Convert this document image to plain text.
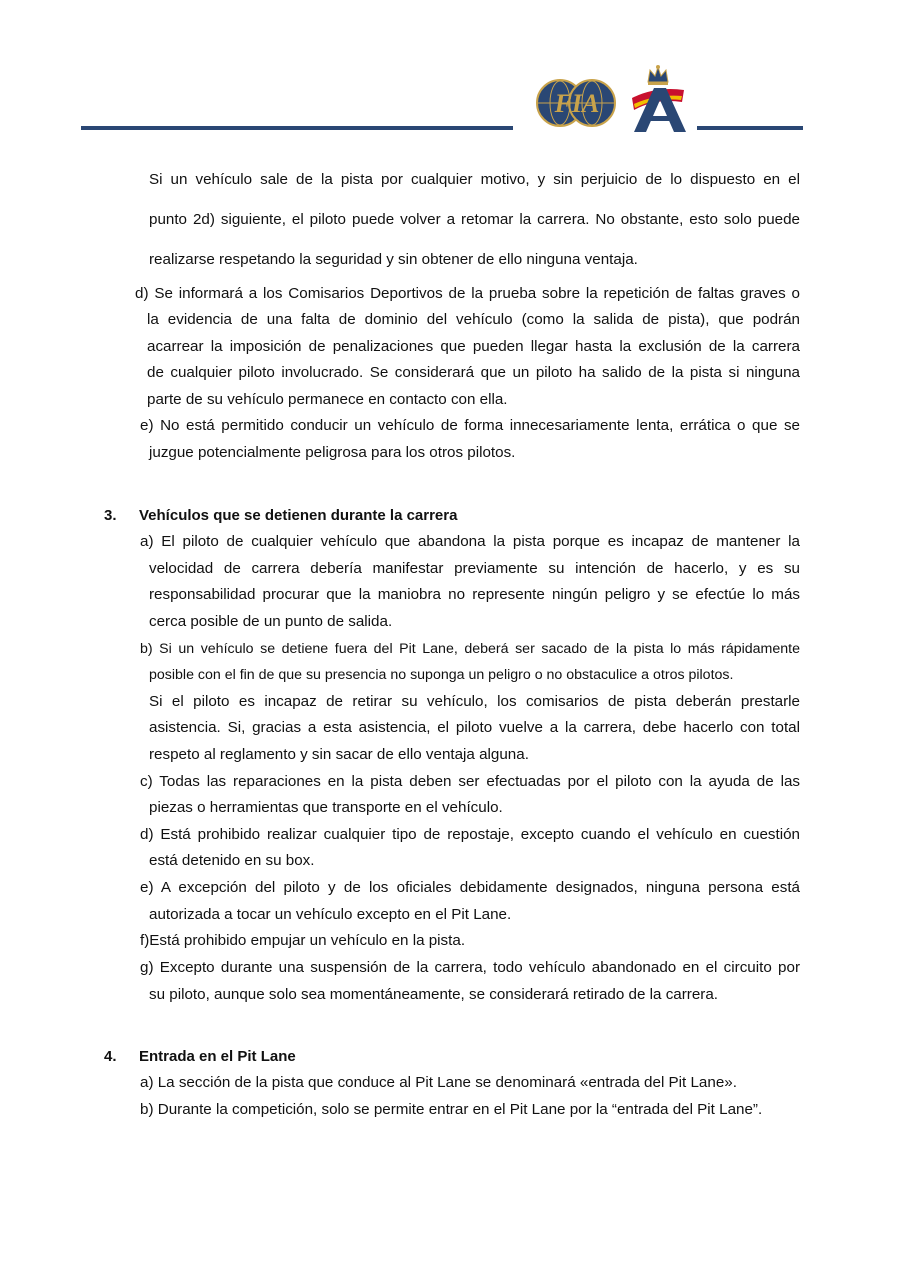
FIA
Si un vehículo sale de la pista por cualquier motivo, y sin perjuicio de lo dispuesto en el
punto 2d) siguiente, el piloto puede volver a retomar la carrera. No obstante, esto solo puede
realizarse respetando la seguridad y sin obtener de ello ninguna ventaja.
d) Se informará a los Comisarios Deportivos de la prueba sobre la repetición de faltas graves o
la evidencia de una falta de dominio del vehículo (como la salida de pista), que podrán
acarrear la imposición de penalizaciones que pueden llegar hasta la exclusión de la carrera
de cualquier piloto involucrado. Se considerará que un piloto ha salido de la pista si ninguna
parte de su vehículo permanece en contacto con ella.
e) No está permitido conducir un vehículo de forma innecesariamente lenta, errática o que se
juzgue potencialmente peligrosa para los otros pilotos.
3. Vehículos que se detienen durante la carrera
a) El piloto de cualquier vehículo que abandona la pista porque es incapaz de mantener la
velocidad de carrera debería manifestar previamente su intención de hacerlo, y es su
responsabilidad procurar que la maniobra no represente ningún peligro y se efectúe lo más
cerca posible de un punto de salida.
b) Si un vehículo se detiene fuera del Pit Lane, deberá ser sacado de la pista lo más rápidamente
posible con el fin de que su presencia no suponga un peligro o no obstaculice a otros pilotos.
Si el piloto es incapaz de retirar su vehículo, los comisarios de pista deberán prestarle
asistencia. Si, gracias a esta asistencia, el piloto vuelve a la carrera, debe hacerlo con total
respeto al reglamento y sin sacar de ello ventaja alguna.
c) Todas las reparaciones en la pista deben ser efectuadas por el piloto con la ayuda de las
piezas o herramientas que transporte en el vehículo.
d) Está prohibido realizar cualquier tipo de repostaje, excepto cuando el vehículo en cuestión
está detenido en su box.
e) A excepción del piloto y de los oficiales debidamente designados, ninguna persona está
autorizada a tocar un vehículo excepto en el Pit Lane.
f)Está prohibido empujar un vehículo en la pista.
g) Excepto durante una suspensión de la carrera, todo vehículo abandonado en el circuito por
su piloto, aunque solo sea momentáneamente, se considerará retirado de la carrera.
4. Entrada en el Pit Lane
a) La sección de la pista que conduce al Pit Lane se denominará «entrada del Pit Lane».
b) Durante la competición, solo se permite entrar en el Pit Lane por la “entrada del Pit Lane”.
